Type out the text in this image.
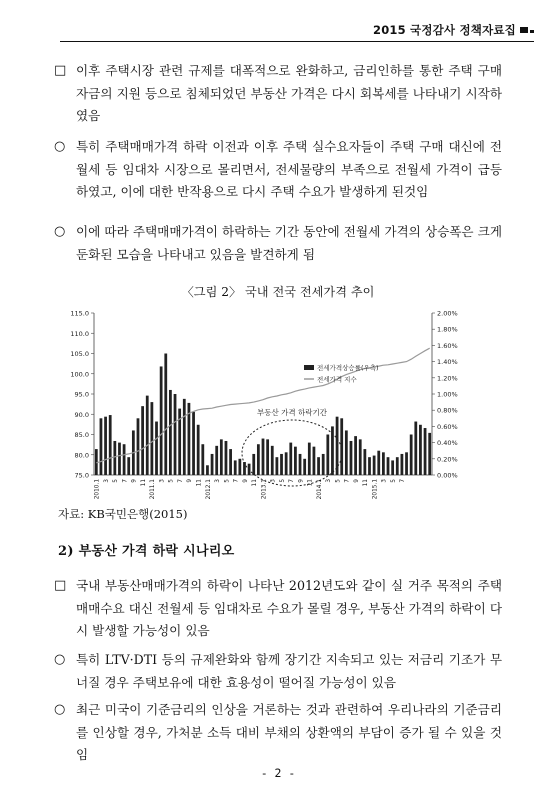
2015 국정감사 정책자료집
□ 이후 주택시장 관련 규제를 대폭적으로 완화하고, 금리인하를 통한 주택 구매 자금의 지원 등으로 침체되었던 부동산 가격은 다시 회복세를 나타내기 시작하였음
○ 특히 주택매매가격 하락 이전과 이후 주택 실수요자들이 주택 구매 대신에 전 월세 등 임대차 시장으로 몰리면서, 전세물량의 부족으로 전월세 가격이 급등하였고, 이에 대한 반작용으로 다시 주택 수요가 발생하게 된것임
○ 이에 따라 주택매매가격이 하락하는 기간 동안에 전월세 가격의 상승폭은 크게 둔화된 모습을 나타내고 있음을 발견하게 됨
〈그림 2〉 국내 전국 전세가격 추이
75.0
80.0
85.0
90.0
95.0
100.0
105.0
110.0
115.0
0.00%
0.20%
0.40%
0.60%
0.80%
1.00%
1.20%
1.40%
1.60%
1.80%
2.00%
2010.1 3 5 7 9 11 2011.1 3 5 7 9 11 2012.1 3 5 7 9 11 2013.1 3 5 7 9 11 2014.1 3 5 7 9 11 2015.1 3 5 7
전세가격상승률(우측)
전세가격 지수
부동산 가격 하락기간
자료: KB국민은행(2015)
2) 부동산 가격 하락 시나리오
□ 국내 부동산매매가격의 하락이 나타난 2012년도와 같이 실 거주 목적의 주택 매매수요 대신 전월세 등 임대차로 수요가 몰릴 경우, 부동산 가격의 하락이 다시 발생할 가능성이 있음
○ 특히 LTV·DTI 등의 규제완화와 함께 장기간 지속되고 있는 저금리 기조가 무너질 경우 주택보유에 대한 효용성이 떨어질 가능성이 있음
○ 최근 미국이 기준금리의 인상을 거론하는 것과 관련하여 우리나라의 기준금리를 인상할 경우, 가처분 소득 대비 부채의 상환액의 부담이 증가 될 수 있을 것임
- 2 -
